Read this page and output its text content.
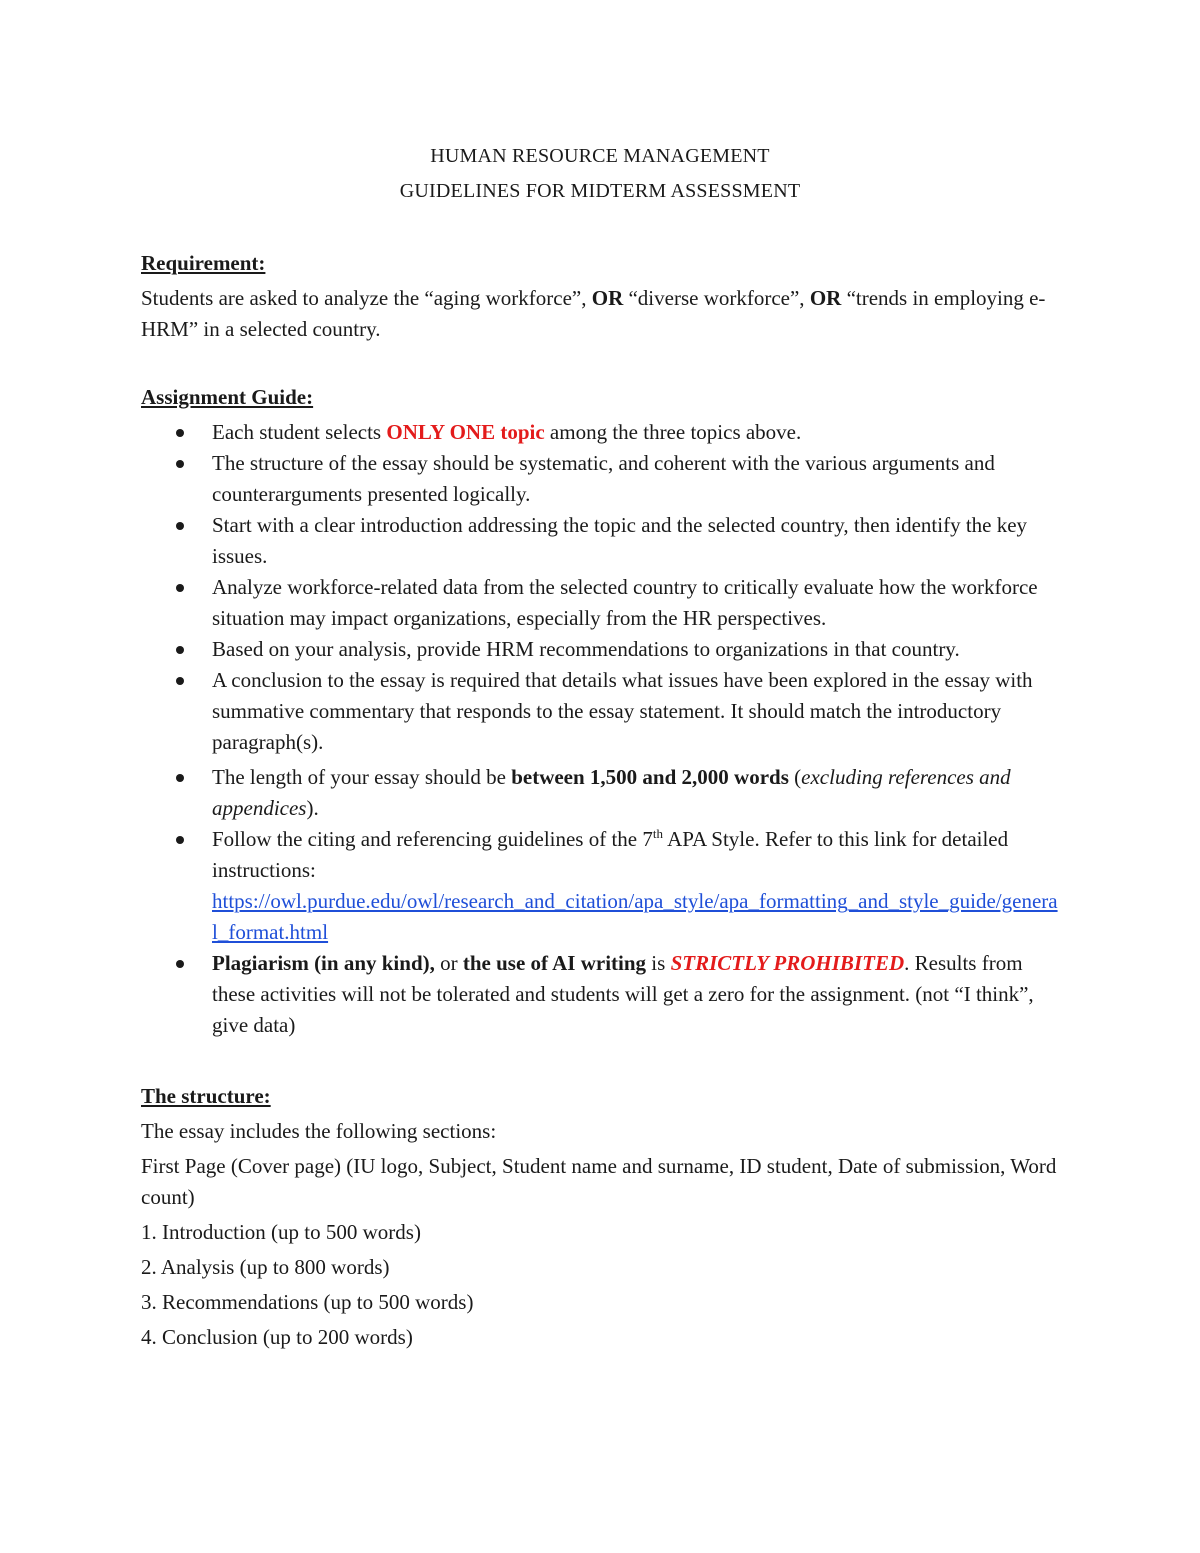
HUMAN RESOURCE MANAGEMENT
GUIDELINES FOR MIDTERM ASSESSMENT

Requirement:

Students are asked to analyze the “aging workforce”, OR “diverse workforce”, OR “trends in employing e-HRM” in a selected country.

Assignment Guide:

Each student selects ONLY ONE topic among the three topics above.
The structure of the essay should be systematic, and coherent with the various arguments and counterarguments presented logically.
Start with a clear introduction addressing the topic and the selected country, then identify the key issues.
Analyze workforce-related data from the selected country to critically evaluate how the workforce situation may impact organizations, especially from the HR perspectives.
Based on your analysis, provide HRM recommendations to organizations in that country.
A conclusion to the essay is required that details what issues have been explored in the essay with summative commentary that responds to the essay statement. It should match the introductory paragraph(s).
The length of your essay should be between 1,500 and 2,000 words (excluding references and appendices).
Follow the citing and referencing guidelines of the 7th APA Style. Refer to this link for detailed instructions:
https://owl.purdue.edu/owl/research_and_citation/apa_style/apa_formatting_and_style_guide/general_format.html
Plagiarism (in any kind), or the use of AI writing is STRICTLY PROHIBITED. Results from these activities will not be tolerated and students will get a zero for the assignment. (not “I think”, give data)

The structure:

The essay includes the following sections:

First Page (Cover page) (IU logo, Subject, Student name and surname, ID student, Date of submission, Word count)

1. Introduction (up to 500 words)

2. Analysis (up to 800 words)

3. Recommendations (up to 500 words)

4. Conclusion (up to 200 words)
